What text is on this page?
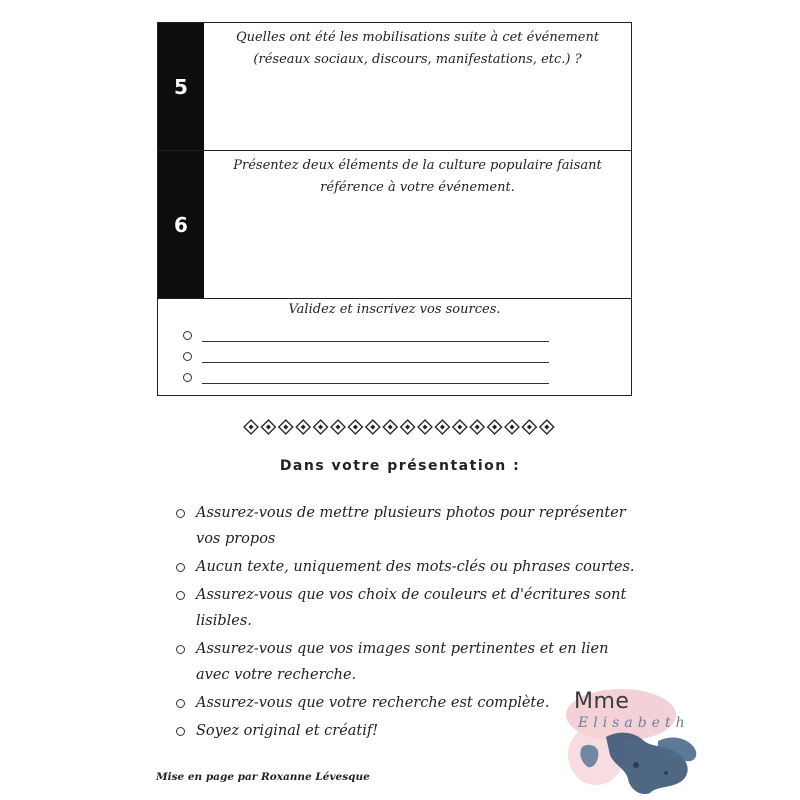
5
Quelles ont été les mobilisations suite à cet événement (réseaux sociaux, discours, manifestations, etc.) ?
6
Présentez deux éléments de la culture populaire faisant référence à votre événement.
Validez et inscrivez vos sources.
Dans votre présentation :
Assurez-vous de mettre plusieurs photos pour représenter vos propos
Aucun texte, uniquement des mots-clés ou phrases courtes.
Assurez-vous que vos choix de couleurs et d'écritures sont lisibles.
Assurez-vous que vos images sont pertinentes et en lien avec votre recherche.
Assurez-vous que votre recherche est complète.
Soyez original et créatif!
Mise en page par Roxanne Lévesque
Mme
Elisabeth
